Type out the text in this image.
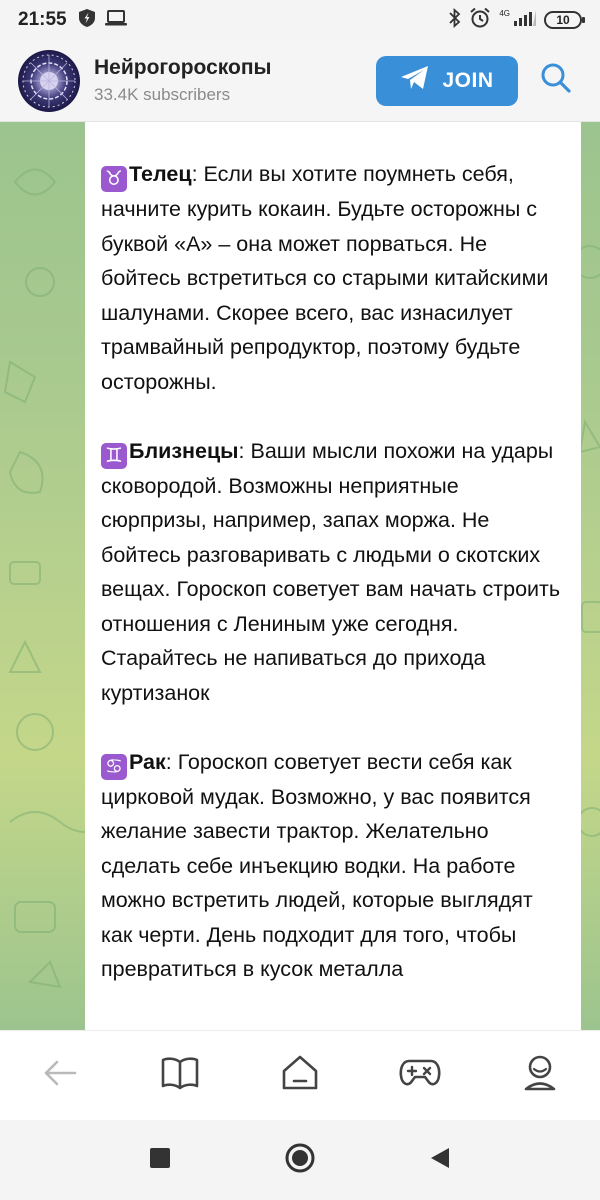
21:55	4G	10
Нейрогороскопы
33.4K subscribers
JOIN

♉ Телец: Если вы хотите поумнеть себя, начните курить кокаин. Будьте осторожны с буквой «А» – она может порваться. Не бойтесь встретиться со старыми китайскими шалунами. Скорее всего, вас изнасилует трамвайный репродуктор, поэтому будьте осторожны.

♊ Близнецы: Ваши мысли похожи на удары сковородой. Возможны неприятные сюрпризы, например, запах моржа. Не бойтесь разговаривать с людьми о скотских вещах. Гороскоп советует вам начать строить отношения с Лениным уже сегодня. Старайтесь не напиваться до прихода куртизанок

♋ Рак: Гороскоп советует вести себя как цирковой мудак. Возможно, у вас появится желание завести трактор. Желательно сделать себе инъекцию водки. На работе можно встретить людей, которые выглядят как черти. День подходит для того, чтобы превратиться в кусок металла
